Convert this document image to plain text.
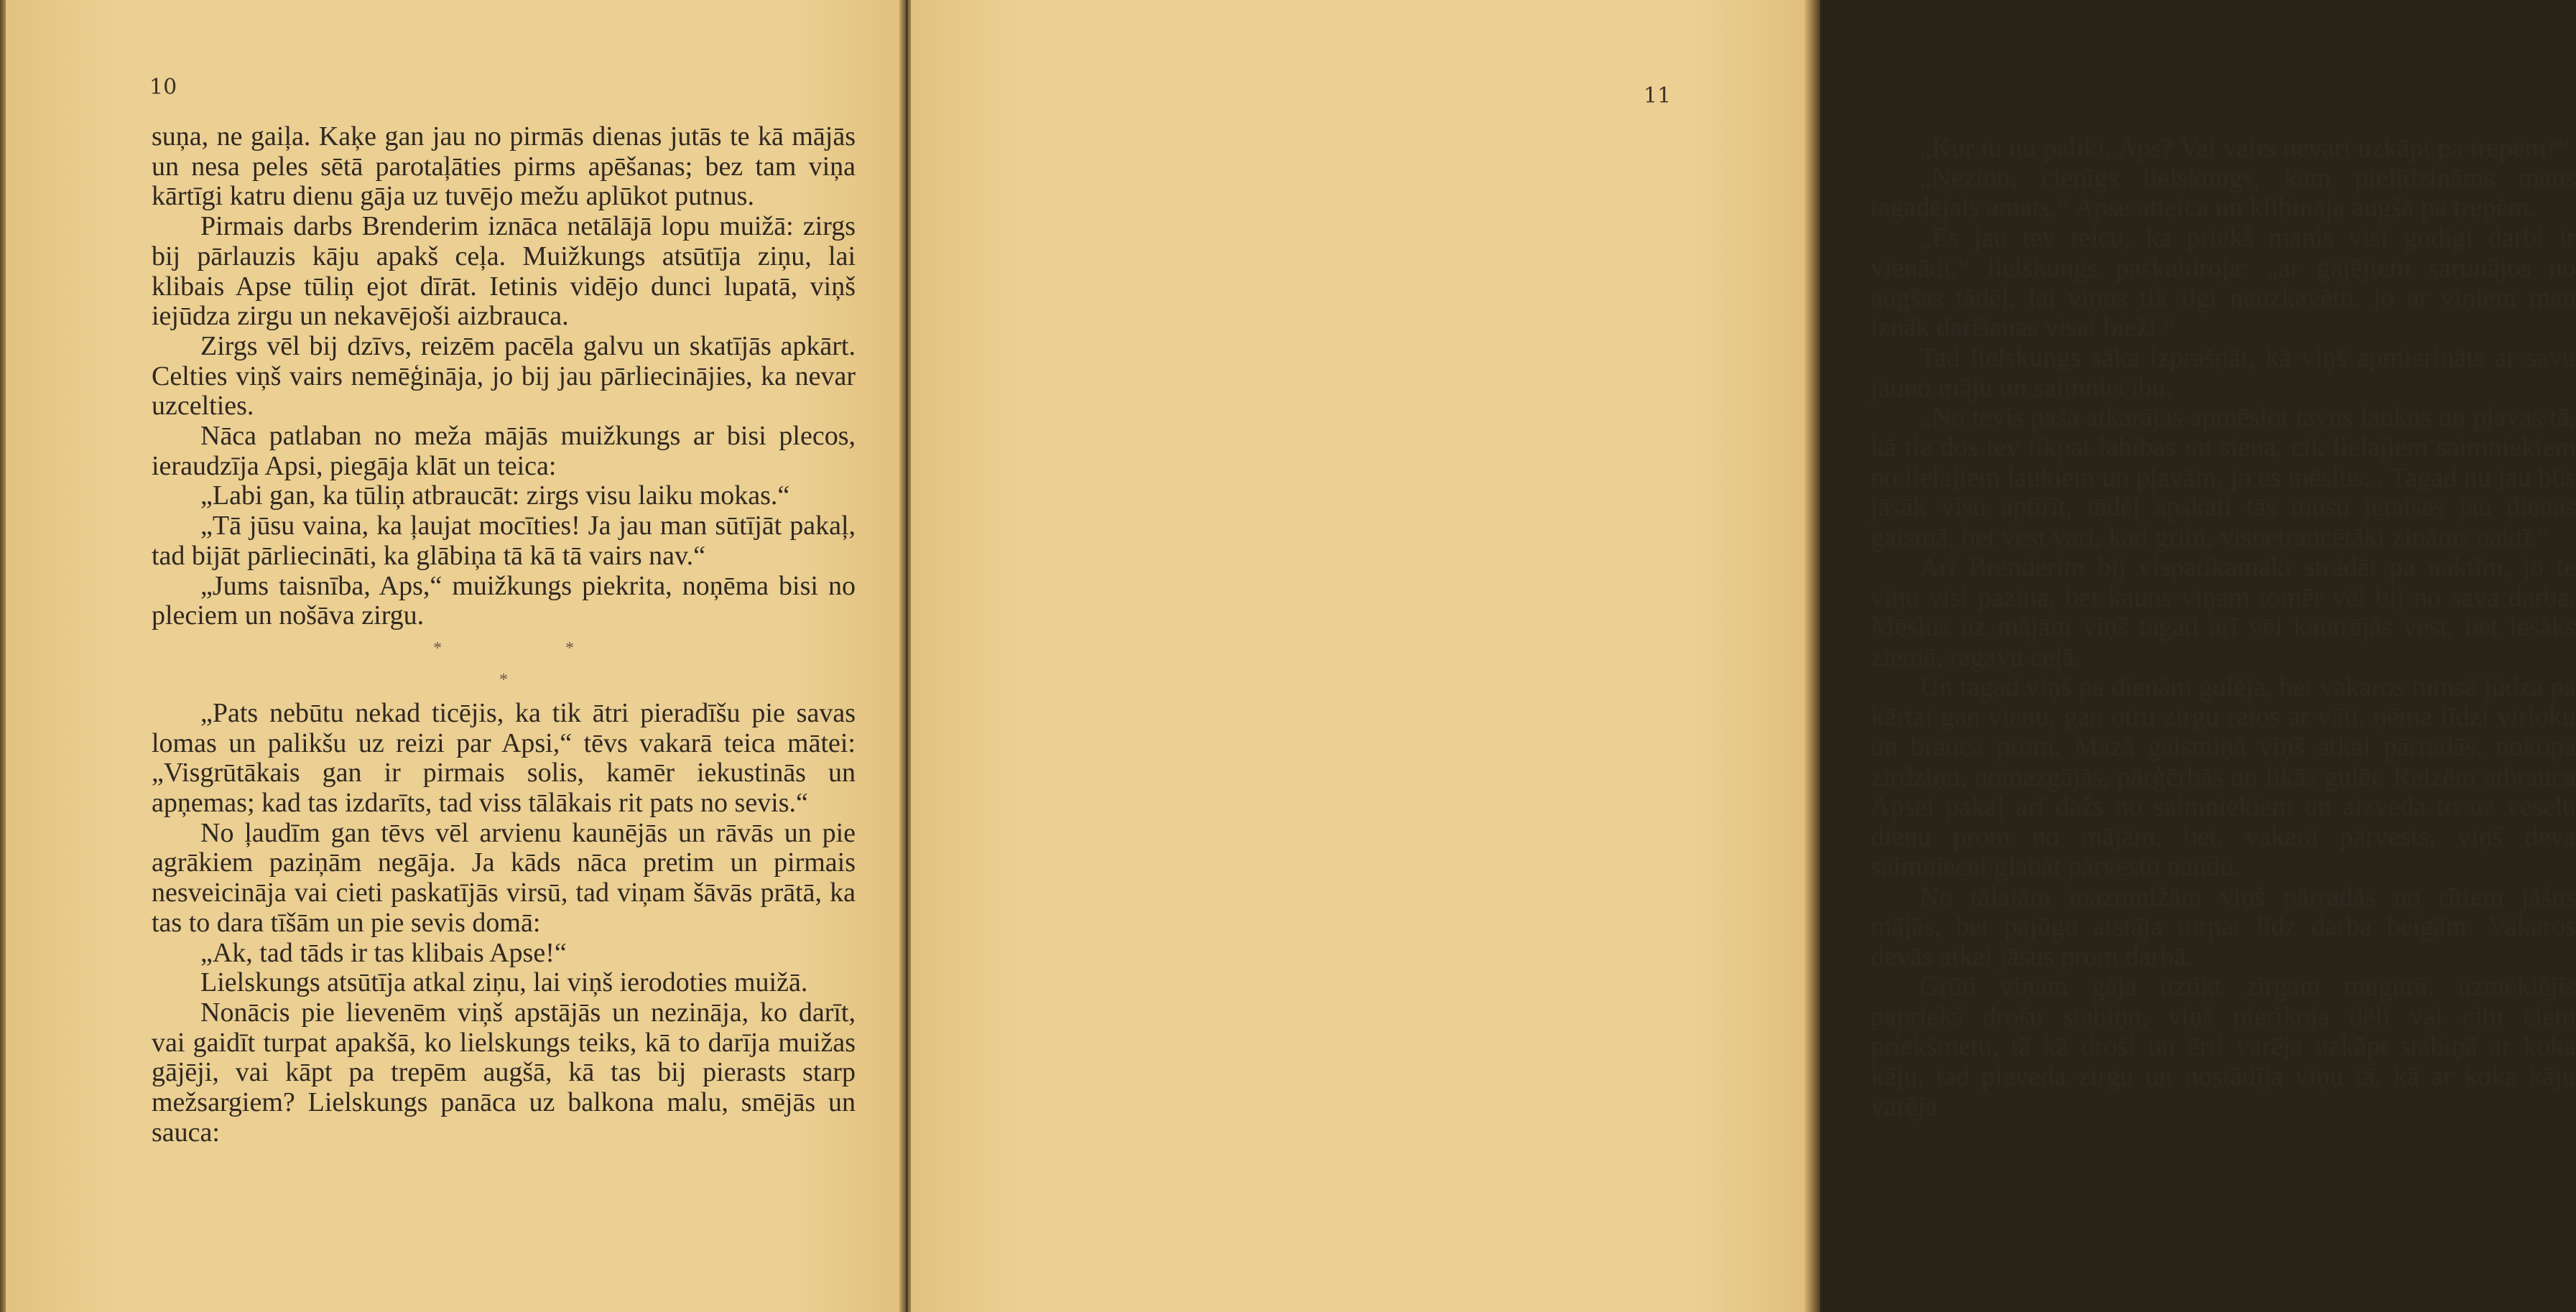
10

suņa, ne gaiļa. Kaķe gan jau no pirmās dienas jutās te kā mājās un nesa peles sētā parotaļāties pirms apēšanas; bez tam viņa kārtīgi katru dienu gāja uz tuvējo mežu aplūkot putnus.

Pirmais darbs Brenderim iznāca netālājā lopu muižā: zirgs bij pārlauzis kāju apakš ceļa. Muižkungs atsūtīja ziņu, lai klibais Apse tūliņ ejot dīrāt. Ietinis vidējo dunci lupatā, viņš iejūdza zirgu un nekavējoši aizbrauca.

Zirgs vēl bij dzīvs, reizēm pacēla galvu un skatījās apkārt. Celties viņš vairs nemēģināja, jo bij jau pārliecinājies, ka nevar uzcelties.

Nāca patlaban no meža mājās muižkungs ar bisi plecos, ieraudzīja Apsi, piegāja klāt un teica:

„Labi gan, ka tūliņ atbraucāt: zirgs visu laiku mokas.“

„Tā jūsu vaina, ka ļaujat mocīties! Ja jau man sūtījāt pakaļ, tad bijāt pārliecināti, ka glābiņa tā kā tā vairs nav.“

„Jums taisnība, Aps,“ muižkungs piekrita, noņēma bisi no pleciem un nošāva zirgu.

*	*
*

„Pats nebūtu nekad ticējis, ka tik ātri pieradīšu pie savas lomas un palikšu uz reizi par Apsi,“ tēvs vakarā teica mātei: „Visgrūtākais gan ir pirmais solis, kamēr iekustinās un apņemas; kad tas izdarīts, tad viss tālākais rit pats no sevis.“

No ļaudīm gan tēvs vēl arvienu kaunējās un rāvās un pie agrākiem paziņām negāja. Ja kāds nāca pretim un pirmais nesveicināja vai cieti paskatījās virsū, tad viņam šāvās prātā, ka tas to dara tīšām un pie sevis domā:

„Ak, tad tāds ir tas klibais Apse!“

Lielskungs atsūtīja atkal ziņu, lai viņš ierodoties muižā.

Nonācis pie lievenēm viņš apstājās un nezināja, ko darīt, vai gaidīt turpat apakšā, ko lielskungs teiks, kā to darīja muižas gājēji, vai kāpt pa trepēm augšā, kā tas bij pierasts starp mežsargiem? Lielskungs panāca uz balkona malu, smējās un sauca:

„Kur tu nu paliki, Aps? Vai vairs nevari uzkāpt pa trepēm?“

„Nezinu, cienīgs lielskungs, kam pielīdzināms mans tagadējais amats,“ Apse atteica un klibināja augšā pa trepēm.

„Es jau tev teicu, ka priekš manis visi godīgi darbi ir vienādi,“ lielskungs paskaidroja: „ar gājējiem sarunājos no augšas tādēļ, lai viņus tik ilgi neuzkavētu, jo ar viņiem man iznāk darīšanas visai bieži.“

Tad lielskungs sāka izprašņāt, kā viņš apmierināts ar savu jauno māju un saimniecību.

„No tevis paša atkarājas apmēslot tavus laukus un pļavas tā, kā tie dos tev tikpat labības un siena, cik lielajiem saimniekiem no lielajiem laukiem un pļavām, jo es mēslus... Tagad nu jau būs jāsāk visu aptīrīt, tādēļ apskati tās mūsu ietaises jau dienas gaismā, bet vest vari, kad gribi, visnetraucētāki zināms naktī.“

Arī Brenderim bij vispatīkamāki strādāt pa naktīm, jo te viņu visi pazina, bet kauns viņam tomēr vēl bij no sava darba. Mēslus uz mājām viņš tagad arī vēl kautrējās vest, bet iesāks ziemā, ragavu ceļā.

Un tagad viņš pa dienām gulēja, bet vakaros tumsā jūdza pa kārtai gan vienu, gan otru zirgu ratos ar vāti, ņēma līdzi virloku un brauca prom. Mazā gaismiņā viņš atkal pārradās, nokopa zirdziņu, nomazgājās, pārģērbās un likās gulēt. Reizēm atbrauca Apsei pakaļ arī dažs no saimniekiem un aizveda to uz veselu dienu prom no mājām, bet, vakarā pārvests, viņš deva saimniecei glabāt pārvesto naudu.

No tālajām mazmuižām viņš pārradās no rītiem jāšus mājās, bet pajūgu atstāja turpat līdz darba beigām. Vakaros devās atkal jāšus prom darbā.

Grūti viņam gāja uztikt zirgam mugurā: uzmeklējis papriekš drošu stabiņu, viņš pierīkoja dēli vai citu cietu priekšmetu, tā kā droši un ērti varēja uzkāpt stabiņā ar koka kāju, tad pieveda zirgu un nostādīja viņu tā, kā ar koka kāju varēja

11
